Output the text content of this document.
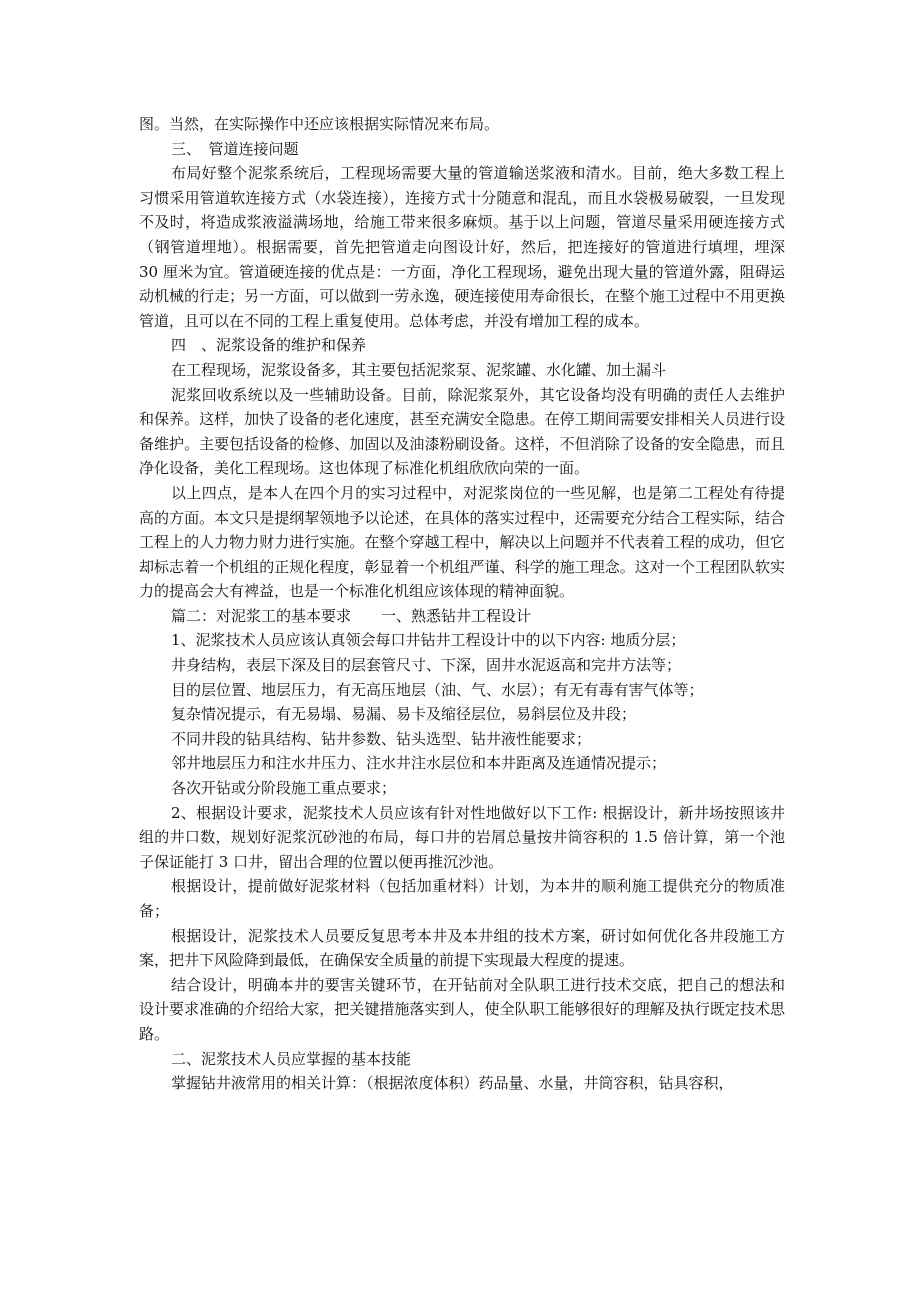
图。当然，在实际操作中还应该根据实际情况来布局。

三、　管道连接问题

布局好整个泥浆系统后，工程现场需要大量的管道输送浆液和清水。目前，绝大多数工程上习惯采用管道软连接方式（水袋连接），连接方式十分随意和混乱，而且水袋极易破裂，一旦发现不及时，将造成浆液溢满场地，给施工带来很多麻烦。基于以上问题，管道尽量采用硬连接方式（钢管道埋地）。根据需要，首先把管道走向图设计好，然后，把连接好的管道进行填埋，埋深 30 厘米为宜。管道硬连接的优点是：一方面，净化工程现场，避免出现大量的管道外露，阻碍运动机械的行走；另一方面，可以做到一劳永逸，硬连接使用寿命很长，在整个施工过程中不用更换管道，且可以在不同的工程上重复使用。总体考虑，并没有增加工程的成本。

四　、泥浆设备的维护和保养

在工程现场，泥浆设备多，其主要包括泥浆泵、泥浆罐、水化罐、加土漏斗

泥浆回收系统以及一些辅助设备。目前，除泥浆泵外，其它设备均没有明确的责任人去维护和保养。这样，加快了设备的老化速度，甚至充满安全隐患。在停工期间需要安排相关人员进行设备维护。主要包括设备的检修、加固以及油漆粉刷设备。这样，不但消除了设备的安全隐患，而且净化设备，美化工程现场。这也体现了标准化机组欣欣向荣的一面。

以上四点，是本人在四个月的实习过程中，对泥浆岗位的一些见解，也是第二工程处有待提高的方面。本文只是提纲挈领地予以论述，在具体的落实过程中，还需要充分结合工程实际，结合工程上的人力物力财力进行实施。在整个穿越工程中，解决以上问题并不代表着工程的成功，但它却标志着一个机组的正规化程度，彰显着一个机组严谨、科学的施工理念。这对一个工程团队软实力的提高会大有裨益，也是一个标准化机组应该体现的精神面貌。

篇二：对泥浆工的基本要求　　一、熟悉钻井工程设计

1、泥浆技术人员应该认真领会每口井钻井工程设计中的以下内容: 地质分层；

井身结构，表层下深及目的层套管尺寸、下深，固井水泥返高和完井方法等；

目的层位置、地层压力，有无高压地层（油、气、水层）；有无有毒有害气体等；

复杂情况提示，有无易塌、易漏、易卡及缩径层位，易斜层位及井段；

不同井段的钻具结构、钻井参数、钻头选型、钻井液性能要求；

邻井地层压力和注水井压力、注水井注水层位和本井距离及连通情况提示；

各次开钻或分阶段施工重点要求；

2、根据设计要求，泥浆技术人员应该有针对性地做好以下工作: 根据设计，新井场按照该井组的井口数，规划好泥浆沉砂池的布局，每口井的岩屑总量按井筒容积的 1.5 倍计算，第一个池子保证能打 3 口井，留出合理的位置以便再推沉沙池。

根据设计，提前做好泥浆材料（包括加重材料）计划，为本井的顺利施工提供充分的物质准备；

根据设计，泥浆技术人员要反复思考本井及本井组的技术方案，研讨如何优化各井段施工方案，把井下风险降到最低，在确保安全质量的前提下实现最大程度的提速。

结合设计，明确本井的要害关键环节，在开钻前对全队职工进行技术交底，把自己的想法和设计要求准确的介绍给大家，把关键措施落实到人，使全队职工能够很好的理解及执行既定技术思路。

二、泥浆技术人员应掌握的基本技能

掌握钻井液常用的相关计算：（根据浓度体积）药品量、水量，井筒容积，钻具容积，
